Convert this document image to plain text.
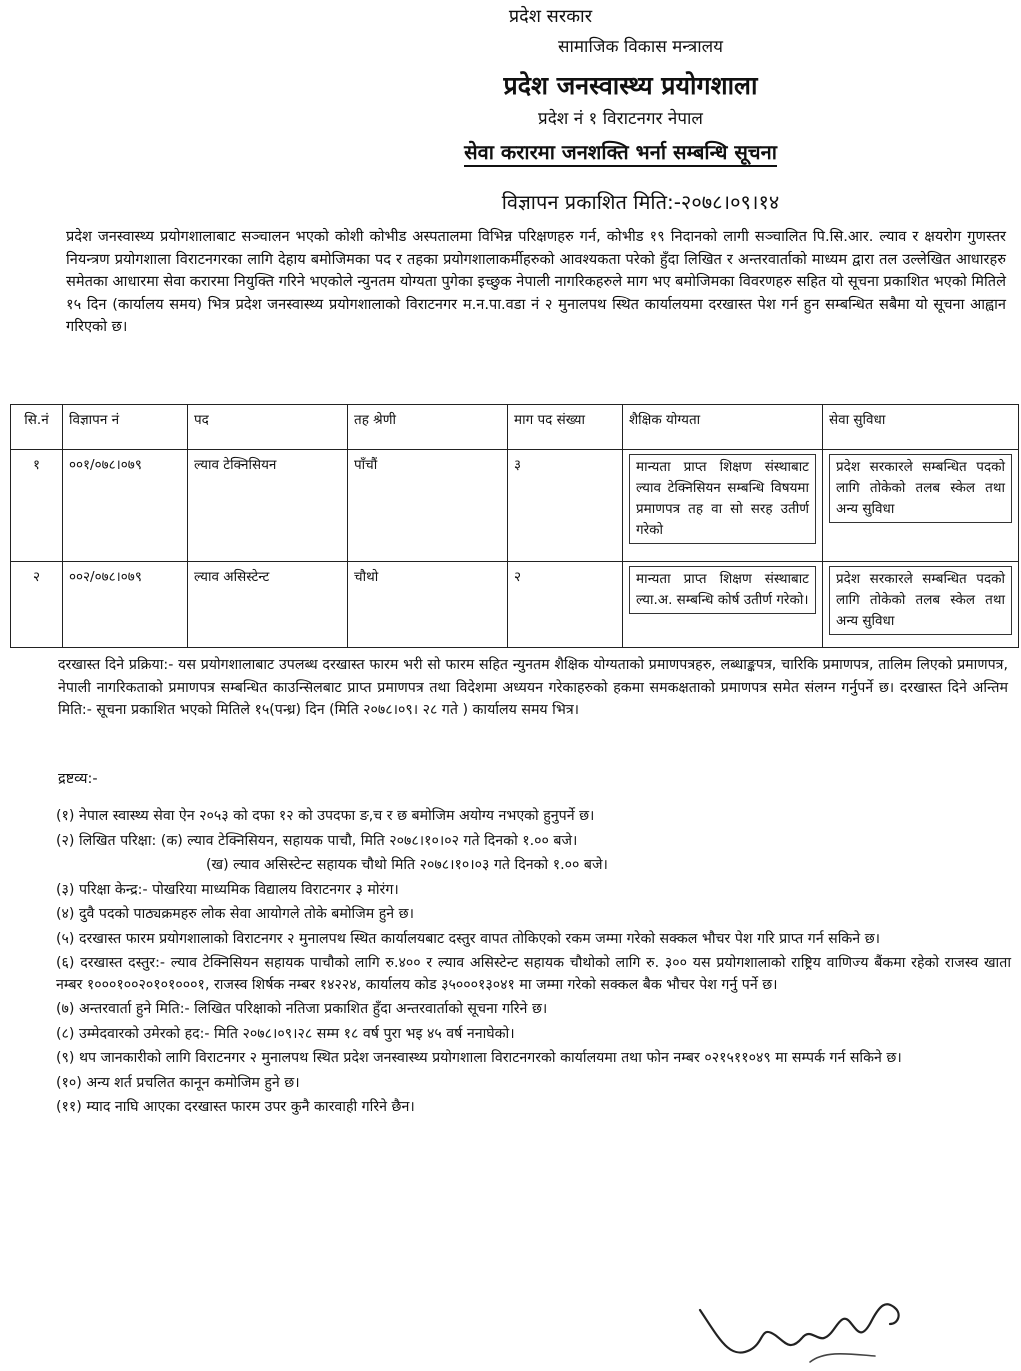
प्रदेश सरकार
सामाजिक विकास मन्त्रालय
प्रदेश जनस्वास्थ्य प्रयोगशाला
प्रदेश नं १ विराटनगर नेपाल
सेवा करारमा जनशक्ति भर्ना सम्बन्धि सूचना
विज्ञापन प्रकाशित मिति:-२०७८।०९।१४
प्रदेश जनस्वास्थ्य प्रयोगशालाबाट सञ्चालन भएको कोशी कोभीड अस्पतालमा विभिन्न परिक्षणहरु गर्न, कोभीड १९ निदानको लागी सञ्चालित पि.सि.आर. ल्याव र क्षयरोग गुणस्तर नियन्त्रण प्रयोगशाला विराटनगरका लागि देहाय बमोजिमका पद र तहका प्रयोगशालाकर्मीहरुको आवश्यकता परेको हुँदा लिखित र अन्तरवार्ताको माध्यम द्वारा तल उल्लेखित आधारहरु समेतका आधारमा सेवा करारमा नियुक्ति गरिने भएकोले न्युनतम योग्यता पुगेका इच्छुक नेपाली नागरिकहरुले माग भए बमोजिमका विवरणहरु सहित यो सूचना प्रकाशित भएको मितिले १५ दिन (कार्यालय समय) भित्र प्रदेश जनस्वास्थ्य प्रयोगशालाको विराटनगर म.न.पा.वडा नं २ मुनालपथ स्थित कार्यालयमा दरखास्त पेश गर्न हुन सम्बन्धित सबैमा यो सूचना आह्वान गरिएको छ।
सि.नं	विज्ञापन नं	पद	तह श्रेणी	माग पद संख्या	शैक्षिक योग्यता	सेवा सुविधा
१	००१/०७८।०७९	ल्याव टेक्निसियन	पाँचौं	३	मान्यता प्राप्त शिक्षण संस्थाबाट ल्याव टेक्निसियन सम्बन्धि विषयमा प्रमाणपत्र तह वा सो सरह उतीर्ण गरेको	प्रदेश सरकारले सम्बन्धित पदको लागि तोकेको तलब स्केल तथा अन्य सुविधा

२	००२/०७८।०७९	ल्याव असिस्टेन्ट	चौथो	२	मान्यता प्राप्त शिक्षण संस्थाबाट ल्या.अ. सम्बन्धि कोर्ष उतीर्ण गरेको।	प्रदेश सरकारले सम्बन्धित पदको लागि तोकेको तलब स्केल तथा अन्य सुविधा
दरखास्त दिने प्रक्रिया:- यस प्रयोगशालाबाट उपलब्ध दरखास्त फारम भरी सो फारम सहित न्युनतम शैक्षिक योग्यताको प्रमाणपत्रहरु, लब्धाङ्कपत्र, चारिकि प्रमाणपत्र, तालिम लिएको प्रमाणपत्र, नेपाली नागरिकताको प्रमाणपत्र सम्बन्धित काउन्सिलबाट प्राप्त प्रमाणपत्र तथा विदेशमा अध्ययन गरेकाहरुको हकमा समकक्षताको प्रमाणपत्र समेत संलग्न गर्नुपर्ने छ। दरखास्त दिने अन्तिम मिति:- सूचना प्रकाशित भएको मितिले १५(पन्ध्र) दिन (मिति २०७८।०९। २८ गते ) कार्यालय समय भित्र।
द्रष्टव्य:-
(१) नेपाल स्वास्थ्य सेवा ऐन २०५३ को दफा १२ को उपदफा ङ,च र छ बमोजिम अयोग्य नभएको हुनुपर्ने छ।
(२) लिखित परिक्षा: (क) ल्याव टेक्निसियन, सहायक पाचौ, मिति २०७८।१०।०२ गते दिनको १.०० बजे।
(ख) ल्याव असिस्टेन्ट सहायक चौथो मिति २०७८।१०।०३ गते दिनको १.०० बजे।
(३) परिक्षा केन्द्र:- पोखरिया माध्यमिक विद्यालय विराटनगर ३ मोरंग।
(४) दुवै पदको पाठ्यक्रमहरु लोक सेवा आयोगले तोके बमोजिम हुने छ।
(५) दरखास्त फारम प्रयोगशालाको विराटनगर २ मुनालपथ स्थित कार्यालयबाट दस्तुर वापत तोकिएको रकम जम्मा गरेको सक्कल भौचर पेश गरि प्राप्त गर्न सकिने छ।
(६) दरखास्त दस्तुर:- ल्याव टेक्निसियन सहायक पाचौको लागि रु.४०० र ल्याव असिस्टेन्ट सहायक चौथोको लागि रु. ३०० यस प्रयोगशालाको राष्ट्रिय वाणिज्य बैंकमा रहेको राजस्व खाता नम्बर १०००१००२०१०१०००१, राजस्व शिर्षक नम्बर १४२२४, कार्यालय कोड ३५०००१३०४१ मा जम्मा गरेको सक्कल बैक भौचर पेश गर्नु पर्ने छ।
(७) अन्तरवार्ता हुने मिति:- लिखित परिक्षाको नतिजा प्रकाशित हुँदा अन्तरवार्ताको सूचना गरिने छ।
(८) उम्मेदवारको उमेरको हद:- मिति २०७८।०९।२८ सम्म १८ वर्ष पुरा भइ ४५ वर्ष ननाघेको।
(९) थप जानकारीको लागि विराटनगर २ मुनालपथ स्थित प्रदेश जनस्वास्थ्य प्रयोगशाला विराटनगरको कार्यालयमा तथा फोन नम्बर ०२१५११०४९ मा सम्पर्क गर्न सकिने छ।
(१०) अन्य शर्त प्रचलित कानून कमोजिम हुने छ।
(११) म्याद नाघि आएका दरखास्त फारम उपर कुनै कारवाही गरिने छैन।
